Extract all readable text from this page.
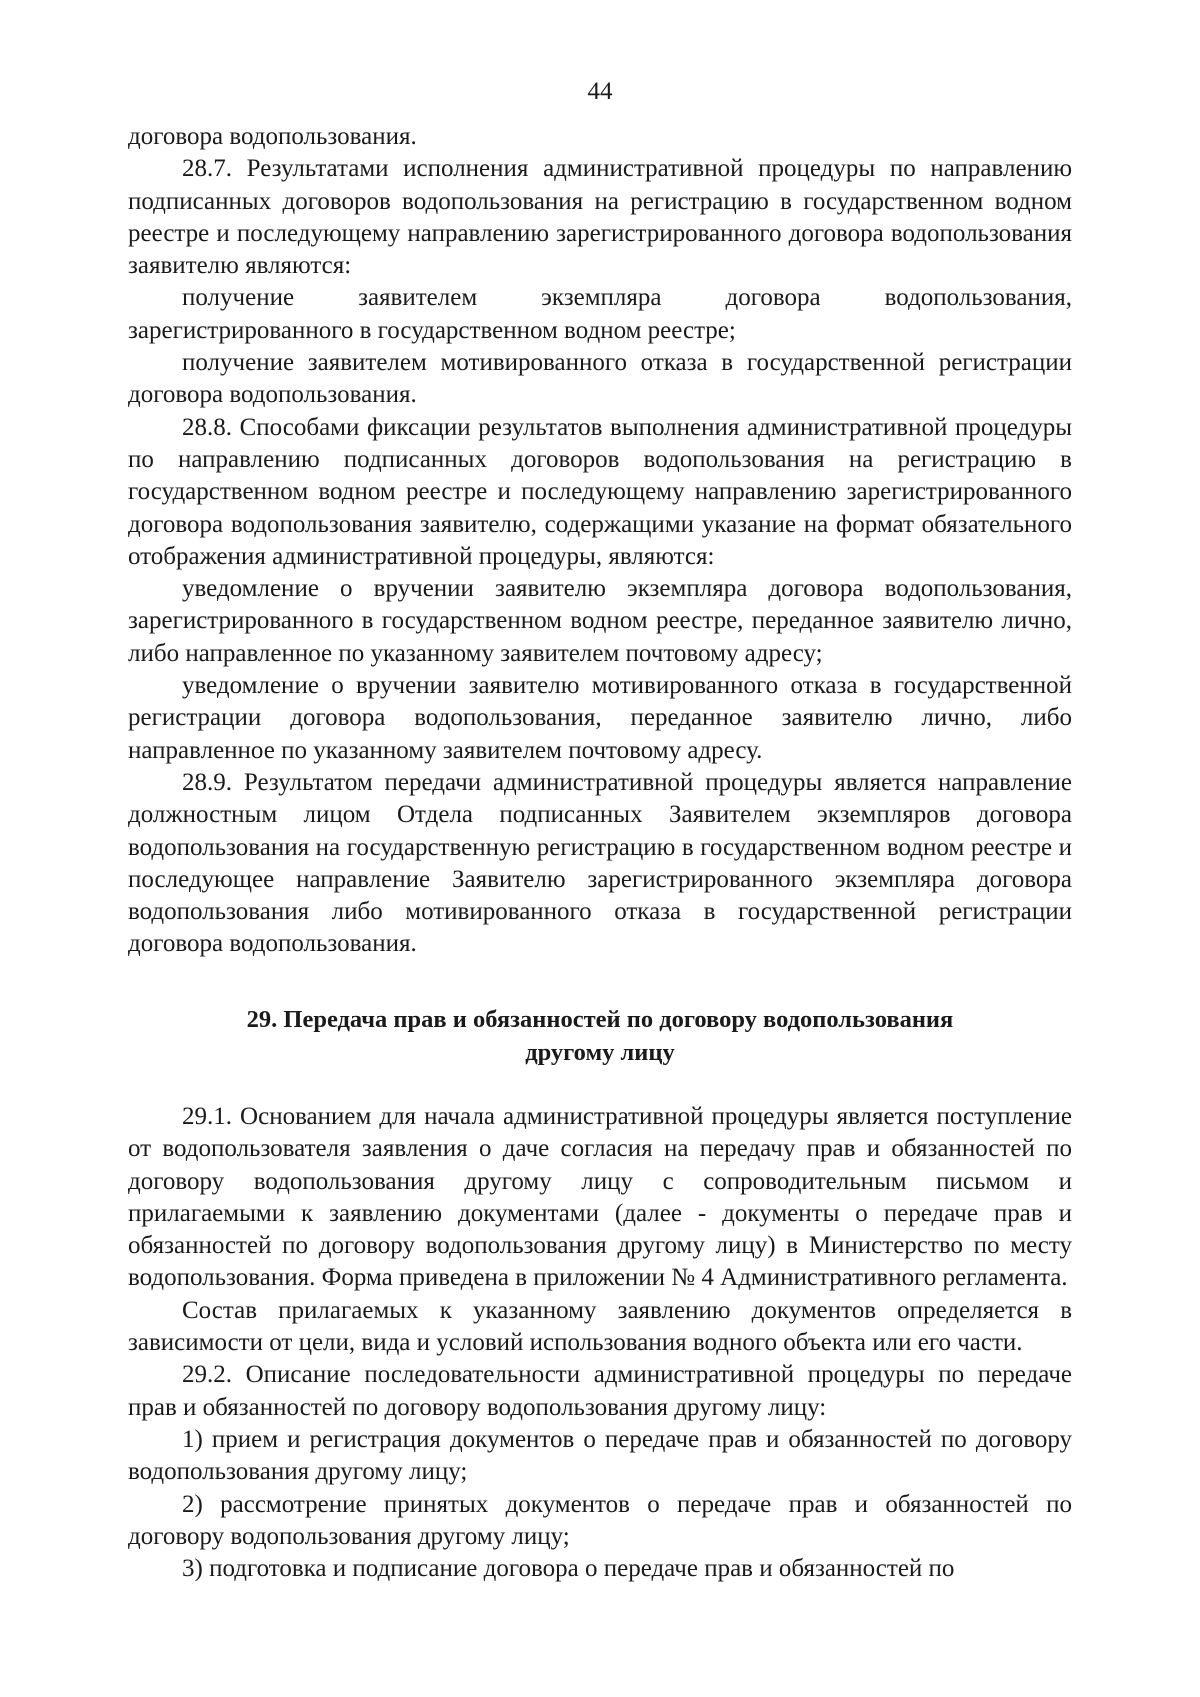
44

договора водопользования.

28.7. Результатами исполнения административной процедуры по направлению подписанных договоров водопользования на регистрацию в государственном водном реестре и последующему направлению зарегистрированного договора водопользования заявителю являются:

получение заявителем экземпляра договора водопользования, зарегистрированного в государственном водном реестре;

получение заявителем мотивированного отказа в государственной регистрации договора водопользования.

28.8. Способами фиксации результатов выполнения административной процедуры по направлению подписанных договоров водопользования на регистрацию в государственном водном реестре и последующему направлению зарегистрированного договора водопользования заявителю, содержащими указание на формат обязательного отображения административной процедуры, являются:

уведомление о вручении заявителю экземпляра договора водопользования, зарегистрированного в государственном водном реестре, переданное заявителю лично, либо направленное по указанному заявителем почтовому адресу;

уведомление о вручении заявителю мотивированного отказа в государственной регистрации договора водопользования, переданное заявителю лично, либо направленное по указанному заявителем почтовому адресу.

28.9. Результатом передачи административной процедуры является направление должностным лицом Отдела подписанных Заявителем экземпляров договора водопользования на государственную регистрацию в государственном водном реестре и последующее направление Заявителю зарегистрированного экземпляра договора водопользования либо мотивированного отказа в государственной регистрации договора водопользования.

29. Передача прав и обязанностей по договору водопользования
другому лицу

29.1. Основанием для начала административной процедуры является поступление от водопользователя заявления о даче согласия на передачу прав и обязанностей по договору водопользования другому лицу с сопроводительным письмом и прилагаемыми к заявлению документами (далее - документы о передаче прав и обязанностей по договору водопользования другому лицу) в Министерство по месту водопользования. Форма приведена в приложении № 4 Административного регламента.

Состав прилагаемых к указанному заявлению документов определяется в зависимости от цели, вида и условий использования водного объекта или его части.

29.2. Описание последовательности административной процедуры по передаче прав и обязанностей по договору водопользования другому лицу:

1) прием и регистрация документов о передаче прав и обязанностей по договору водопользования другому лицу;

2) рассмотрение принятых документов о передаче прав и обязанностей по договору водопользования другому лицу;

3) подготовка и подписание договора о передаче прав и обязанностей по
